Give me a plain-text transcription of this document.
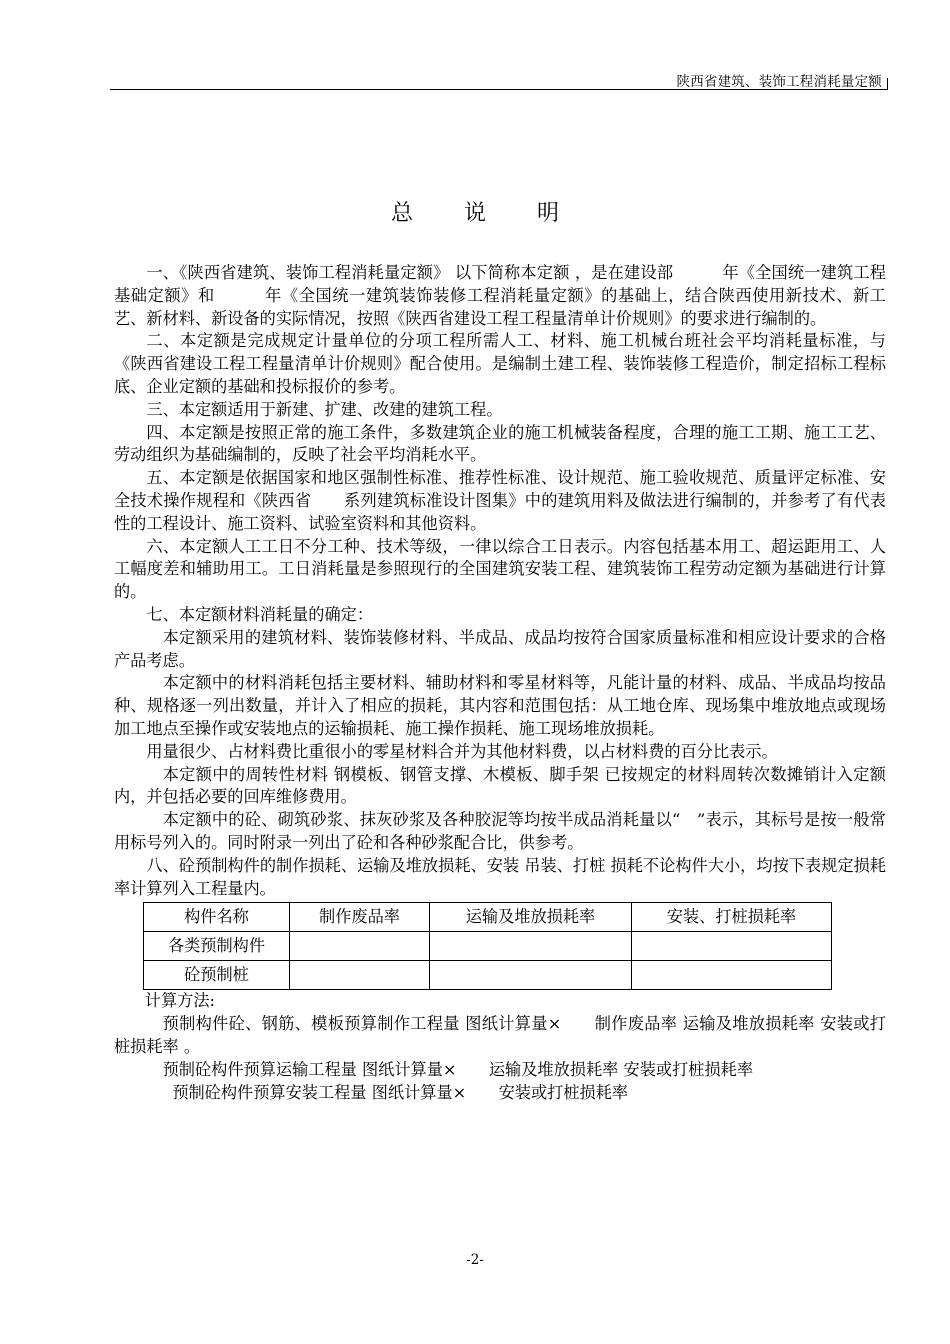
陕西省建筑、装饰工程消耗量定额
总 说 明

一、《陕西省建筑、装饰工程消耗量定额》 以下简称本定额 ，是在建设部　　　年《全国统一建筑工程基础定额》和　　　年《全国统一建筑装饰装修工程消耗量定额》的基础上，结合陕西使用新技术、新工艺、新材料、新设备的实际情况，按照《陕西省建设工程工程量清单计价规则》的要求进行编制的。

二、本定额是完成规定计量单位的分项工程所需人工、材料、施工机械台班社会平均消耗量标准，与《陕西省建设工程工程量清单计价规则》配合使用。是编制土建工程、装饰装修工程造价，制定招标工程标底、企业定额的基础和投标报价的参考。

三、本定额适用于新建、扩建、改建的建筑工程。

四、本定额是按照正常的施工条件，多数建筑企业的施工机械装备程度，合理的施工工期、施工工艺、劳动组织为基础编制的，反映了社会平均消耗水平。

五、本定额是依据国家和地区强制性标准、推荐性标准、设计规范、施工验收规范、质量评定标准、安全技术操作规程和《陕西省　　系列建筑标准设计图集》中的建筑用料及做法进行编制的，并参考了有代表性的工程设计、施工资料、试验室资料和其他资料。

六、本定额人工工日不分工种、技术等级，一律以综合工日表示。内容包括基本用工、超运距用工、人工幅度差和辅助用工。工日消耗量是参照现行的全国建筑安装工程、建筑装饰工程劳动定额为基础进行计算的。

七、本定额材料消耗量的确定：

本定额采用的建筑材料、装饰装修材料、半成品、成品均按符合国家质量标准和相应设计要求的合格产品考虑。

本定额中的材料消耗包括主要材料、辅助材料和零星材料等，凡能计量的材料、成品、半成品均按品种、规格逐一列出数量，并计入了相应的损耗，其内容和范围包括：从工地仓库、现场集中堆放地点或现场加工地点至操作或安装地点的运输损耗、施工操作损耗、施工现场堆放损耗。

用量很少、占材料费比重很小的零星材料合并为其他材料费，以占材料费的百分比表示。

本定额中的周转性材料 钢模板、钢管支撑、木模板、脚手架 已按规定的材料周转次数摊销计入定额内，并包括必要的回库维修费用。

本定额中的砼、砌筑砂浆、抹灰砂浆及各种胶泥等均按半成品消耗量以“　”表示，其标号是按一般常用标号列入的。同时附录一列出了砼和各种砂浆配合比，供参考。

八、砼预制构件的制作损耗、运输及堆放损耗、安装 吊装、打桩 损耗不论构件大小，均按下表规定损耗率计算列入工程量内。

构件名称	制作废品率	运输及堆放损耗率	安装、打桩损耗率
各类预制构件			
砼预制桩			

计算方法:

预制构件砼、钢筋、模板预算制作工程量 图纸计算量×　　制作废品率 运输及堆放损耗率 安装或打桩损耗率 。

预制砼构件预算运输工程量 图纸计算量×　　运输及堆放损耗率 安装或打桩损耗率

预制砼构件预算安装工程量 图纸计算量×　　安装或打桩损耗率

-2-
